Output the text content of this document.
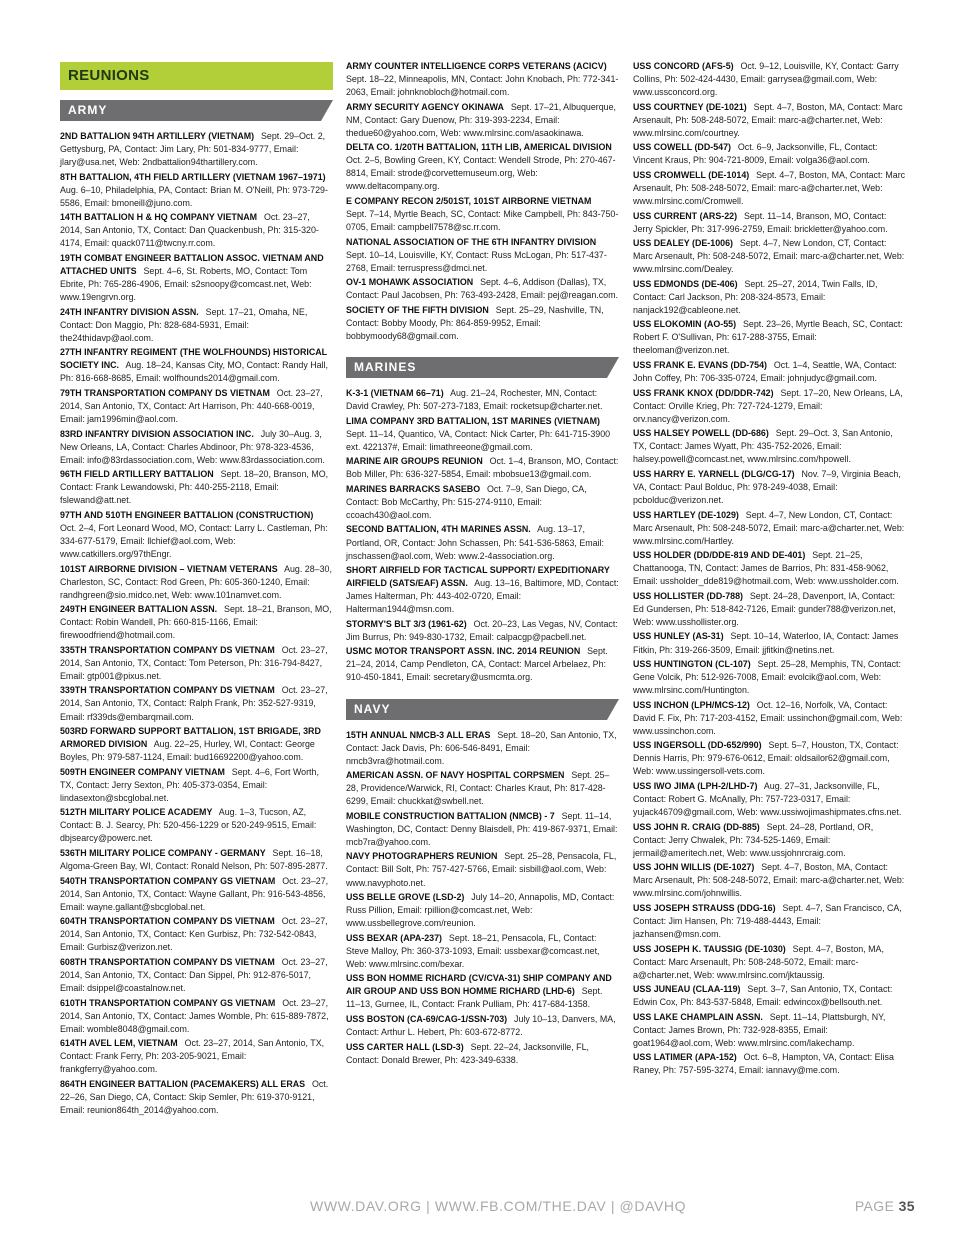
REUNIONS
ARMY

2ND BATTALION 94TH ARTILLERY (VIETNAM)  Sept. 29–Oct. 2, Gettysburg, PA, Contact: Jim Lary, Ph: 501-834-9777, Email: jlary@usa.net, Web: 2ndbattalion94thartillery.com.

8TH BATTALION, 4TH FIELD ARTILLERY (VIETNAM 1967–1971)  Aug. 6–10, Philadelphia, PA, Contact: Brian M. O'Neill, Ph: 973-729-5586, Email: bmoneill@juno.com.

14TH BATTALION H & HQ COMPANY VIETNAM  Oct. 23–27, 2014, San Antonio, TX, Contact: Dan Quackenbush, Ph: 315-320-4174, Email: quack0711@twcny.rr.com.

19TH COMBAT ENGINEER BATTALION ASSOC. VIETNAM AND ATTACHED UNITS  Sept. 4–6, St. Roberts, MO, Contact: Tom Ebrite, Ph: 765-286-4906, Email: s2snoopy@comcast.net, Web: www.19engrvn.org.

24TH INFANTRY DIVISION ASSN.  Sept. 17–21, Omaha, NE, Contact: Don Maggio, Ph: 828-684-5931, Email: the24thidavp@aol.com.

27TH INFANTRY REGIMENT (THE WOLFHOUNDS) HISTORICAL SOCIETY INC.  Aug. 18–24, Kansas City, MO, Contact: Randy Hall, Ph: 816-668-8685, Email: wolfhounds2014@gmail.com.

79TH TRANSPORTATION COMPANY DS VIETNAM  Oct. 23–27, 2014, San Antonio, TX, Contact: Art Harrison, Ph: 440-668-0019, Email: jam1996min@aol.com.

83RD INFANTRY DIVISION ASSOCIATION INC.  July 30–Aug. 3, New Orleans, LA, Contact: Charles Abdinoor, Ph: 978-323-4536, Email: info@83rdassociation.com, Web: www.83rdassociation.com.

96TH FIELD ARTILLERY BATTALION  Sept. 18–20, Branson, MO, Contact: Frank Lewandowski, Ph: 440-255-2118, Email: fslewand@att.net.

97TH AND 510TH ENGINEER BATTALION (CONSTRUCTION)  Oct. 2–4, Fort Leonard Wood, MO, Contact: Larry L. Castleman, Ph: 334-677-5179, Email: llchief@aol.com, Web: www.catkillers.org/97thEngr.

101ST AIRBORNE DIVISION – VIETNAM VETERANS  Aug. 28–30, Charleston, SC, Contact: Rod Green, Ph: 605-360-1240, Email: randhgreen@sio.midco.net, Web: www.101namvet.com.

249TH ENGINEER BATTALION ASSN.  Sept. 18–21, Branson, MO, Contact: Robin Wandell, Ph: 660-815-1166, Email: firewoodfriend@hotmail.com.

335TH TRANSPORTATION COMPANY DS VIETNAM  Oct. 23–27, 2014, San Antonio, TX, Contact: Tom Peterson, Ph: 316-794-8427, Email: gtp001@pixus.net.

339TH TRANSPORTATION COMPANY DS VIETNAM  Oct. 23–27, 2014, San Antonio, TX, Contact: Ralph Frank, Ph: 352-527-9319, Email: rf339ds@embarqmail.com.

503RD FORWARD SUPPORT BATTALION, 1ST BRIGADE, 3RD ARMORED DIVISION  Aug. 22–25, Hurley, WI, Contact: George Boyles, Ph: 979-587-1124, Email: bud16692200@yahoo.com.

509TH ENGINEER COMPANY VIETNAM  Sept. 4–6, Fort Worth, TX, Contact: Jerry Sexton, Ph: 405-373-0354, Email: lindasexton@sbcglobal.net.

512TH MILITARY POLICE ACADEMY  Aug. 1–3, Tucson, AZ, Contact: B. J. Searcy, Ph: 520-456-1229 or 520-249-9515, Email: dbjsearcy@powerc.net.

536TH MILITARY POLICE COMPANY - GERMANY  Sept. 16–18, Algoma-Green Bay, WI, Contact: Ronald Nelson, Ph: 507-895-2877.

540TH TRANSPORTATION COMPANY GS VIETNAM  Oct. 23–27, 2014, San Antonio, TX, Contact: Wayne Gallant, Ph: 916-543-4856, Email: wayne.gallant@sbcglobal.net.

604TH TRANSPORTATION COMPANY DS VIETNAM  Oct. 23–27, 2014, San Antonio, TX, Contact: Ken Gurbisz, Ph: 732-542-0843, Email: Gurbisz@verizon.net.

608TH TRANSPORTATION COMPANY DS VIETNAM  Oct. 23–27, 2014, San Antonio, TX, Contact: Dan Sippel, Ph: 912-876-5017, Email: dsippel@coastalnow.net.

610TH TRANSPORTATION COMPANY GS VIETNAM  Oct. 23–27, 2014, San Antonio, TX, Contact: James Womble, Ph: 615-889-7872, Email: womble8048@gmail.com.

614TH AVEL LEM, VIETNAM  Oct. 23–27, 2014, San Antonio, TX, Contact: Frank Ferry, Ph: 203-205-9021, Email: frankgferry@yahoo.com.

864TH ENGINEER BATTALION (PACEMAKERS) ALL ERAS  Oct. 22–26, San Diego, CA, Contact: Skip Semler, Ph: 619-370-9121, Email: reunion864th_2014@yahoo.com.

ARMY COUNTER INTELLIGENCE CORPS VETERANS (ACICV)  Sept. 18–22, Minneapolis, MN, Contact: John Knobach, Ph: 772-341-2063, Email: johnknobloch@hotmail.com.

ARMY SECURITY AGENCY OKINAWA  Sept. 17–21, Albuquerque, NM, Contact: Gary Duenow, Ph: 319-393-2234, Email: thedue60@yahoo.com, Web: www.mlrsinc.com/asaokinawa.

DELTA CO. 1/20TH BATTALION, 11TH LIB, AMERICAL DIVISION  Oct. 2–5, Bowling Green, KY, Contact: Wendell Strode, Ph: 270-467-8814, Email: strode@corvettemuseum.org, Web: www.deltacompany.org.

E COMPANY RECON 2/501ST, 101ST AIRBORNE VIETNAM  Sept. 7–14, Myrtle Beach, SC, Contact: Mike Campbell, Ph: 843-750-0705, Email: campbell7578@sc.rr.com.

NATIONAL ASSOCIATION OF THE 6TH INFANTRY DIVISION  Sept. 10–14, Louisville, KY, Contact: Russ McLogan, Ph: 517-437-2768, Email: terruspress@dmci.net.

OV-1 MOHAWK ASSOCIATION  Sept. 4–6, Addison (Dallas), TX, Contact: Paul Jacobsen, Ph: 763-493-2428, Email: pej@reagan.com.

SOCIETY OF THE FIFTH DIVISION  Sept. 25–29, Nashville, TN, Contact: Bobby Moody, Ph: 864-859-9952, Email: bobbymoody68@gmail.com.

MARINES

K-3-1 (VIETNAM 66–71)  Aug. 21–24, Rochester, MN, Contact: David Crawley, Ph: 507-273-7183, Email: rocketsup@charter.net.

LIMA COMPANY 3RD BATTALION, 1ST MARINES (VIETNAM)  Sept. 11–14, Quantico, VA, Contact: Nick Carter, Ph: 641-715-3900 ext. 422137#, Email: limathreeone@gmail.com.

MARINE AIR GROUPS REUNION  Oct. 1–4, Branson, MO, Contact: Bob Miller, Ph: 636-327-5854, Email: mbobsue13@gmail.com.

MARINES BARRACKS SASEBO  Oct. 7–9, San Diego, CA, Contact: Bob McCarthy, Ph: 515-274-9110, Email: ccoach430@aol.com.

SECOND BATTALION, 4TH MARINES ASSN.  Aug. 13–17, Portland, OR, Contact: John Schassen, Ph: 541-536-5863, Email: jnschassen@aol.com, Web: www.2-4association.org.

SHORT AIRFIELD FOR TACTICAL SUPPORT/ EXPEDITIONARY AIRFIELD (SATS/EAF) ASSN.  Aug. 13–16, Baltimore, MD, Contact: James Halterman, Ph: 443-402-0720, Email: Halterman1944@msn.com.

STORMY'S BLT 3/3 (1961-62)  Oct. 20–23, Las Vegas, NV, Contact: Jim Burrus, Ph: 949-830-1732, Email: calpacgp@pacbell.net.

USMC MOTOR TRANSPORT ASSN. INC. 2014 REUNION  Sept. 21–24, 2014, Camp Pendleton, CA, Contact: Marcel Arbelaez, Ph: 910-450-1841, Email: secretary@usmcmta.org.

NAVY

15TH ANNUAL NMCB-3 ALL ERAS  Sept. 18–20, San Antonio, TX, Contact: Jack Davis, Ph: 606-546-8491, Email: nmcb3vra@hotmail.com.

AMERICAN ASSN. OF NAVY HOSPITAL CORPSMEN  Sept. 25–28, Providence/Warwick, RI, Contact: Charles Kraut, Ph: 817-428-6299, Email: chuckkat@swbell.net.

MOBILE CONSTRUCTION BATTALION (NMCB) - 7  Sept. 11–14, Washington, DC, Contact: Denny Blaisdell, Ph: 419-867-9371, Email: mcb7ra@yahoo.com.

NAVY PHOTOGRAPHERS REUNION  Sept. 25–28, Pensacola, FL, Contact: Bill Solt, Ph: 757-427-5766, Email: sisbill@aol.com, Web: www.navyphoto.net.

USS BELLE GROVE (LSD-2)  July 14–20, Annapolis, MD, Contact: Russ Pillion, Email: rpillion@comcast.net, Web: www.ussbellegrove.com/reunion.

USS BEXAR (APA-237)  Sept. 18–21, Pensacola, FL, Contact: Steve Malloy, Ph: 360-373-1093, Email: ussbexar@comcast.net, Web: www.mlrsinc.com/bexar.

USS BON HOMME RICHARD (CV/CVA-31) SHIP COMPANY AND AIR GROUP AND USS BON HOMME RICHARD (LHD-6)  Sept. 11–13, Gurnee, IL, Contact: Frank Pulliam, Ph: 417-684-1358.

USS BOSTON (CA-69/CAG-1/SSN-703)  July 10–13, Danvers, MA, Contact: Arthur L. Hebert, Ph: 603-672-8772.

USS CARTER HALL (LSD-3)  Sept. 22–24, Jacksonville, FL, Contact: Donald Brewer, Ph: 423-349-6338.

USS CONCORD (AFS-5)  Oct. 9–12, Louisville, KY, Contact: Garry Collins, Ph: 502-424-4430, Email: garrysea@gmail.com, Web: www.ussconcord.org.

USS COURTNEY (DE-1021)  Sept. 4–7, Boston, MA, Contact: Marc Arsenault, Ph: 508-248-5072, Email: marc-a@charter.net, Web: www.mlrsinc.com/courtney.

USS COWELL (DD-547)  Oct. 6–9, Jacksonville, FL, Contact: Vincent Kraus, Ph: 904-721-8009, Email: volga36@aol.com.

USS CROMWELL (DE-1014)  Sept. 4–7, Boston, MA, Contact: Marc Arsenault, Ph: 508-248-5072, Email: marc-a@charter.net, Web: www.mlrsinc.com/Cromwell.

USS CURRENT (ARS-22)  Sept. 11–14, Branson, MO, Contact: Jerry Spickler, Ph: 317-996-2759, Email: brickletter@yahoo.com.

USS DEALEY (DE-1006)  Sept. 4–7, New London, CT, Contact: Marc Arsenault, Ph: 508-248-5072, Email: marc-a@charter.net, Web: www.mlrsinc.com/Dealey.

USS EDMONDS (DE-406)  Sept. 25–27, 2014, Twin Falls, ID, Contact: Carl Jackson, Ph: 208-324-8573, Email: nanjack192@cableone.net.

USS ELOKOMIN (AO-55)  Sept. 23–26, Myrtle Beach, SC, Contact: Robert F. O'Sullivan, Ph: 617-288-3755, Email: theeloman@verizon.net.

USS FRANK E. EVANS (DD-754)  Oct. 1–4, Seattle, WA, Contact: John Coffey, Ph: 706-335-0724, Email: johnjudyc@gmail.com.

USS FRANK KNOX (DD/DDR-742)  Sept. 17–20, New Orleans, LA, Contact: Orville Krieg, Ph: 727-724-1279, Email: orv.nancy@verizon.com.

USS HALSEY POWELL (DD-686)  Sept. 29–Oct. 3, San Antonio, TX, Contact: James Wyatt, Ph: 435-752-2026, Email: halsey.powell@comcast.net, www.mlrsinc.com/hpowell.

USS HARRY E. YARNELL (DLG/CG-17)  Nov. 7–9, Virginia Beach, VA, Contact: Paul Bolduc, Ph: 978-249-4038, Email: pcbolduc@verizon.net.

USS HARTLEY (DE-1029)  Sept. 4–7, New London, CT, Contact: Marc Arsenault, Ph: 508-248-5072, Email: marc-a@charter.net, Web: www.mlrsinc.com/Hartley.

USS HOLDER (DD/DDE-819 AND DE-401)  Sept. 21–25, Chattanooga, TN, Contact: James de Barrios, Ph: 831-458-9062, Email: ussholder_dde819@hotmail.com, Web: www.ussholder.com.

USS HOLLISTER (DD-788)  Sept. 24–28, Davenport, IA, Contact: Ed Gundersen, Ph: 518-842-7126, Email: gunder788@verizon.net, Web: www.usshollister.org.

USS HUNLEY (AS-31)  Sept. 10–14, Waterloo, IA, Contact: James Fitkin, Ph: 319-266-3509, Email: jjfitkin@netins.net.

USS HUNTINGTON (CL-107)  Sept. 25–28, Memphis, TN, Contact: Gene Volcik, Ph: 512-926-7008, Email: evolcik@aol.com, Web: www.mlrsinc.com/Huntington.

USS INCHON (LPH/MCS-12)  Oct. 12–16, Norfolk, VA, Contact: David F. Fix, Ph: 717-203-4152, Email: ussinchon@gmail.com, Web: www.ussinchon.com.

USS INGERSOLL (DD-652/990)  Sept. 5–7, Houston, TX, Contact: Dennis Harris, Ph: 979-676-0612, Email: oldsailor62@gmail.com, Web: www.ussingersoll-vets.com.

USS IWO JIMA (LPH-2/LHD-7)  Aug. 27–31, Jacksonville, FL, Contact: Robert G. McAnally, Ph: 757-723-0317, Email: yujack46709@gmail.com, Web: www.ussiwojimashipmates.cfns.net.

USS JOHN R. CRAIG (DD-885)  Sept. 24–28, Portland, OR, Contact: Jerry Chwalek, Ph: 734-525-1469, Email: jermail@ameritech.net, Web: www.ussjohnrcraig.com.

USS JOHN WILLIS (DE-1027)  Sept. 4–7, Boston, MA, Contact: Marc Arsenault, Ph: 508-248-5072, Email: marc-a@charter.net, Web: www.mlrsinc.com/johnwillis.

USS JOSEPH STRAUSS (DDG-16)  Sept. 4–7, San Francisco, CA, Contact: Jim Hansen, Ph: 719-488-4443, Email: jazhansen@msn.com.

USS JOSEPH K. TAUSSIG (DE-1030)  Sept. 4–7, Boston, MA, Contact: Marc Arsenault, Ph: 508-248-5072, Email: marc-a@charter.net, Web: www.mlrsinc.com/jktaussig.

USS JUNEAU (CLAA-119)  Sept. 3–7, San Antonio, TX, Contact: Edwin Cox, Ph: 843-537-5848, Email: edwincox@bellsouth.net.

USS LAKE CHAMPLAIN ASSN.  Sept. 11–14, Plattsburgh, NY, Contact: James Brown, Ph: 732-928-8355, Email: goat1964@aol.com, Web: www.mlrsinc.com/lakechamp.

USS LATIMER (APA-152)  Oct. 6–8, Hampton, VA, Contact: Elisa Raney, Ph: 757-595-3274, Email: iannavy@me.com.

WWW.DAV.ORG | WWW.FB.COM/THE.DAV | @DAVHQ	PAGE 35
